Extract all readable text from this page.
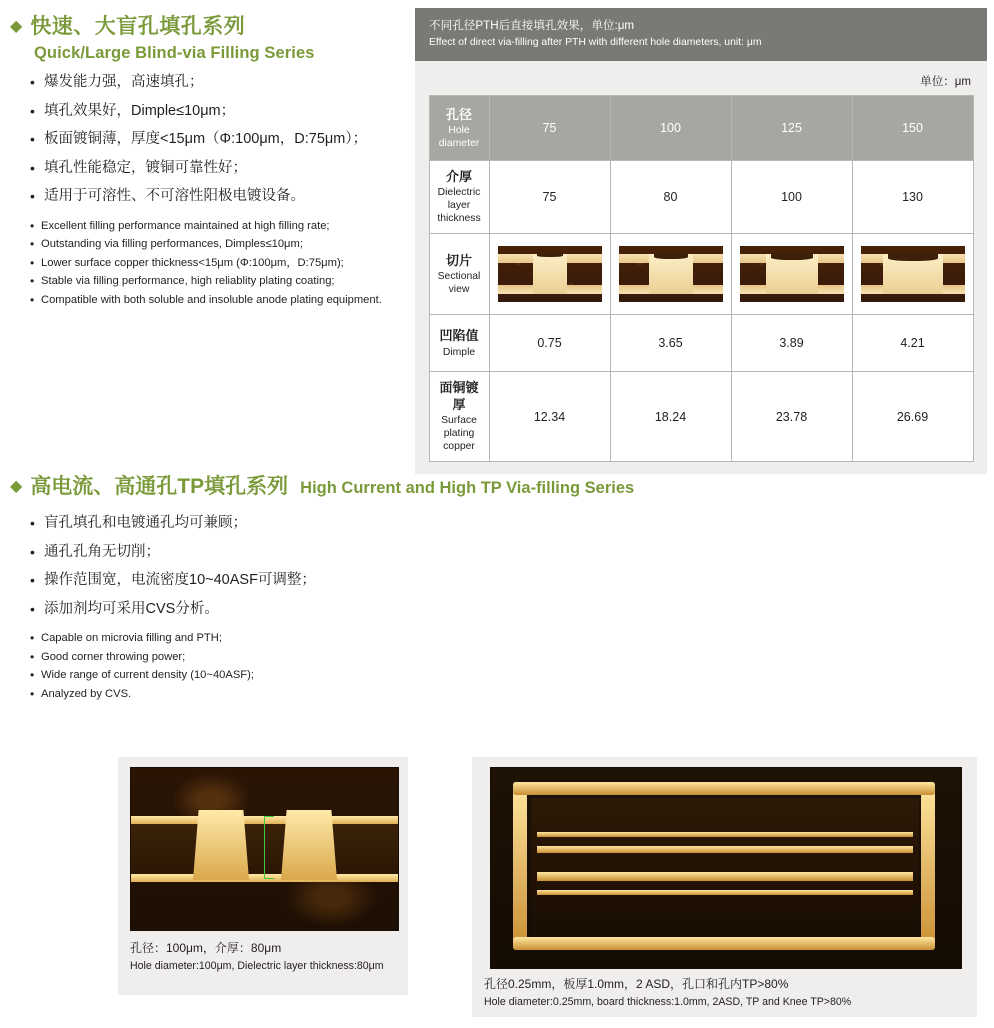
◆ 快速、大盲孔填孔系列
Quick/Large Blind-via Filling Series
• 爆发能力强，高速填孔；
• 填孔效果好，Dimple≤10μm；
• 板面镀铜薄，厚度<15μm（Φ:100μm，D:75μm）；
• 填孔性能稳定，镀铜可靠性好；
• 适用于可溶性、不可溶性阳极电镀设备。
• Excellent filling performance maintained at high filling rate;
• Outstanding via filling performances, Dimples≤10μm;
• Lower surface copper thickness<15μm (Φ:100μm，D:75μm);
• Stable via filling performance, high reliablity plating coating;
• Compatible with both soluble and insoluble anode plating equipment.
不同孔径PTH后直接填孔效果，单位:μm
Effect of direct via-filling after PTH with different hole diameters, unit: μm
单位：μm
孔径
Hole diameter	75	100	125	150

介厚
Dielectric layer thickness	75	80	100	130

切片
Sectional view				

凹陷值
Dimple	0.75	3.65	3.89	4.21

面铜镀厚
Surface plating copper	12.34	18.24	23.78	26.69
◆ 高电流、高通孔TP填孔系列 High Current and High TP Via-filling Series
• 盲孔填孔和电镀通孔均可兼顾；
• 通孔孔角无切削；
• 操作范围宽，电流密度10~40ASF可调整；
• 添加剂均可采用CVS分析。
• Capable on microvia filling and PTH;
• Good corner throwing power;
• Wide range of current density (10~40ASF);
• Analyzed by CVS.
孔径：100μm，介厚：80μm
Hole diameter:100μm, Dielectric layer thickness:80μm
孔径0.25mm，板厚1.0mm，2 ASD，孔口和孔内TP>80%
Hole diameter:0.25mm, board thickness:1.0mm, 2ASD, TP and Knee TP>80%
